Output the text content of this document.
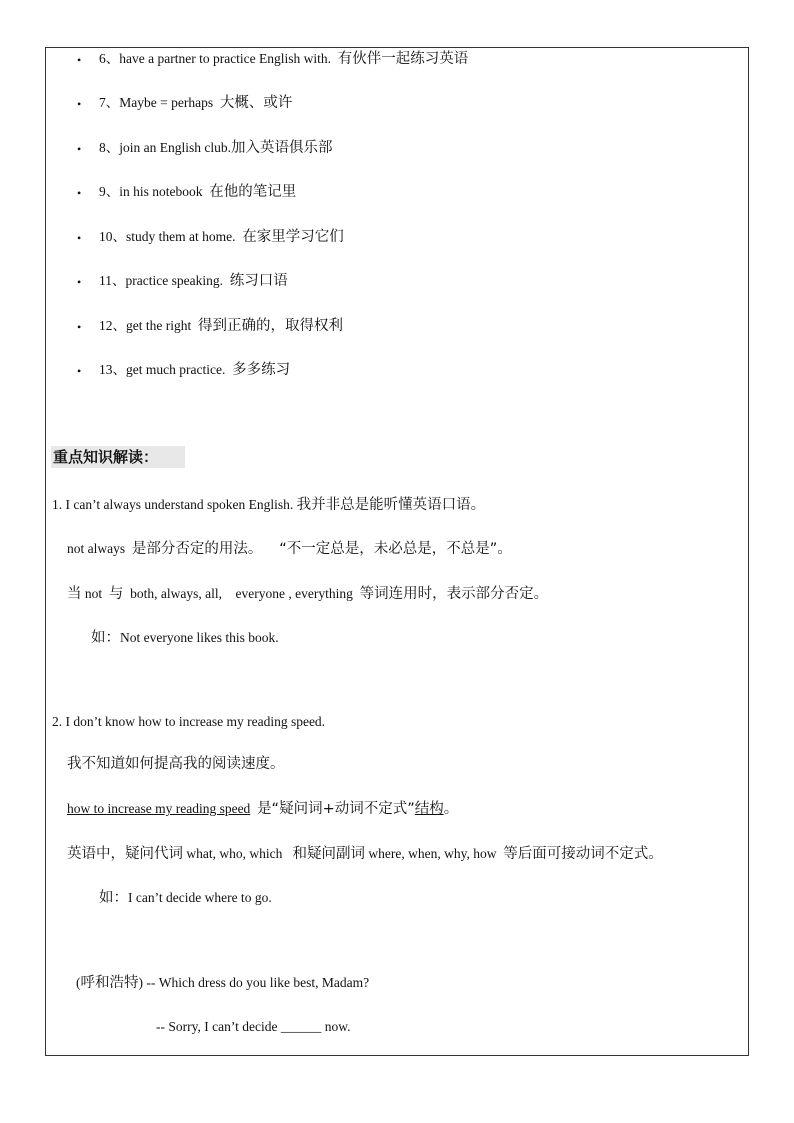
• 6、have a partner to practice English with. 有伙伴一起练习英语
• 7、Maybe = perhaps 大概、或许
• 8、join an English club.加入英语俱乐部
• 9、in his notebook 在他的笔记里
• 10、study them at home. 在家里学习它们
• 11、practice speaking. 练习口语
• 12、get the right 得到正确的，取得权利
• 13、get much practice. 多多练习
重点知识解读：
1. I can’t always understand spoken English. 我并非总是能听懂英语口语。
not always 是部分否定的用法。 “不一定总是，未必总是，不总是”。
当 not 与 both, always, all,　everyone , everything 等词连用时，表示部分否定。
如：Not everyone likes this book.
2. I don’t know how to increase my reading speed.
我不知道如何提高我的阅读速度。
how to increase my reading speed 是“疑问词+动词不定式”结构。
英语中，疑问代词 what, who, which 和疑问副词 where, when, why, how 等后面可接动词不定式。
如：I can’t decide where to go.
(呼和浩特) -- Which dress do you like best, Madam?
-- Sorry, I can’t decide ______ now.
